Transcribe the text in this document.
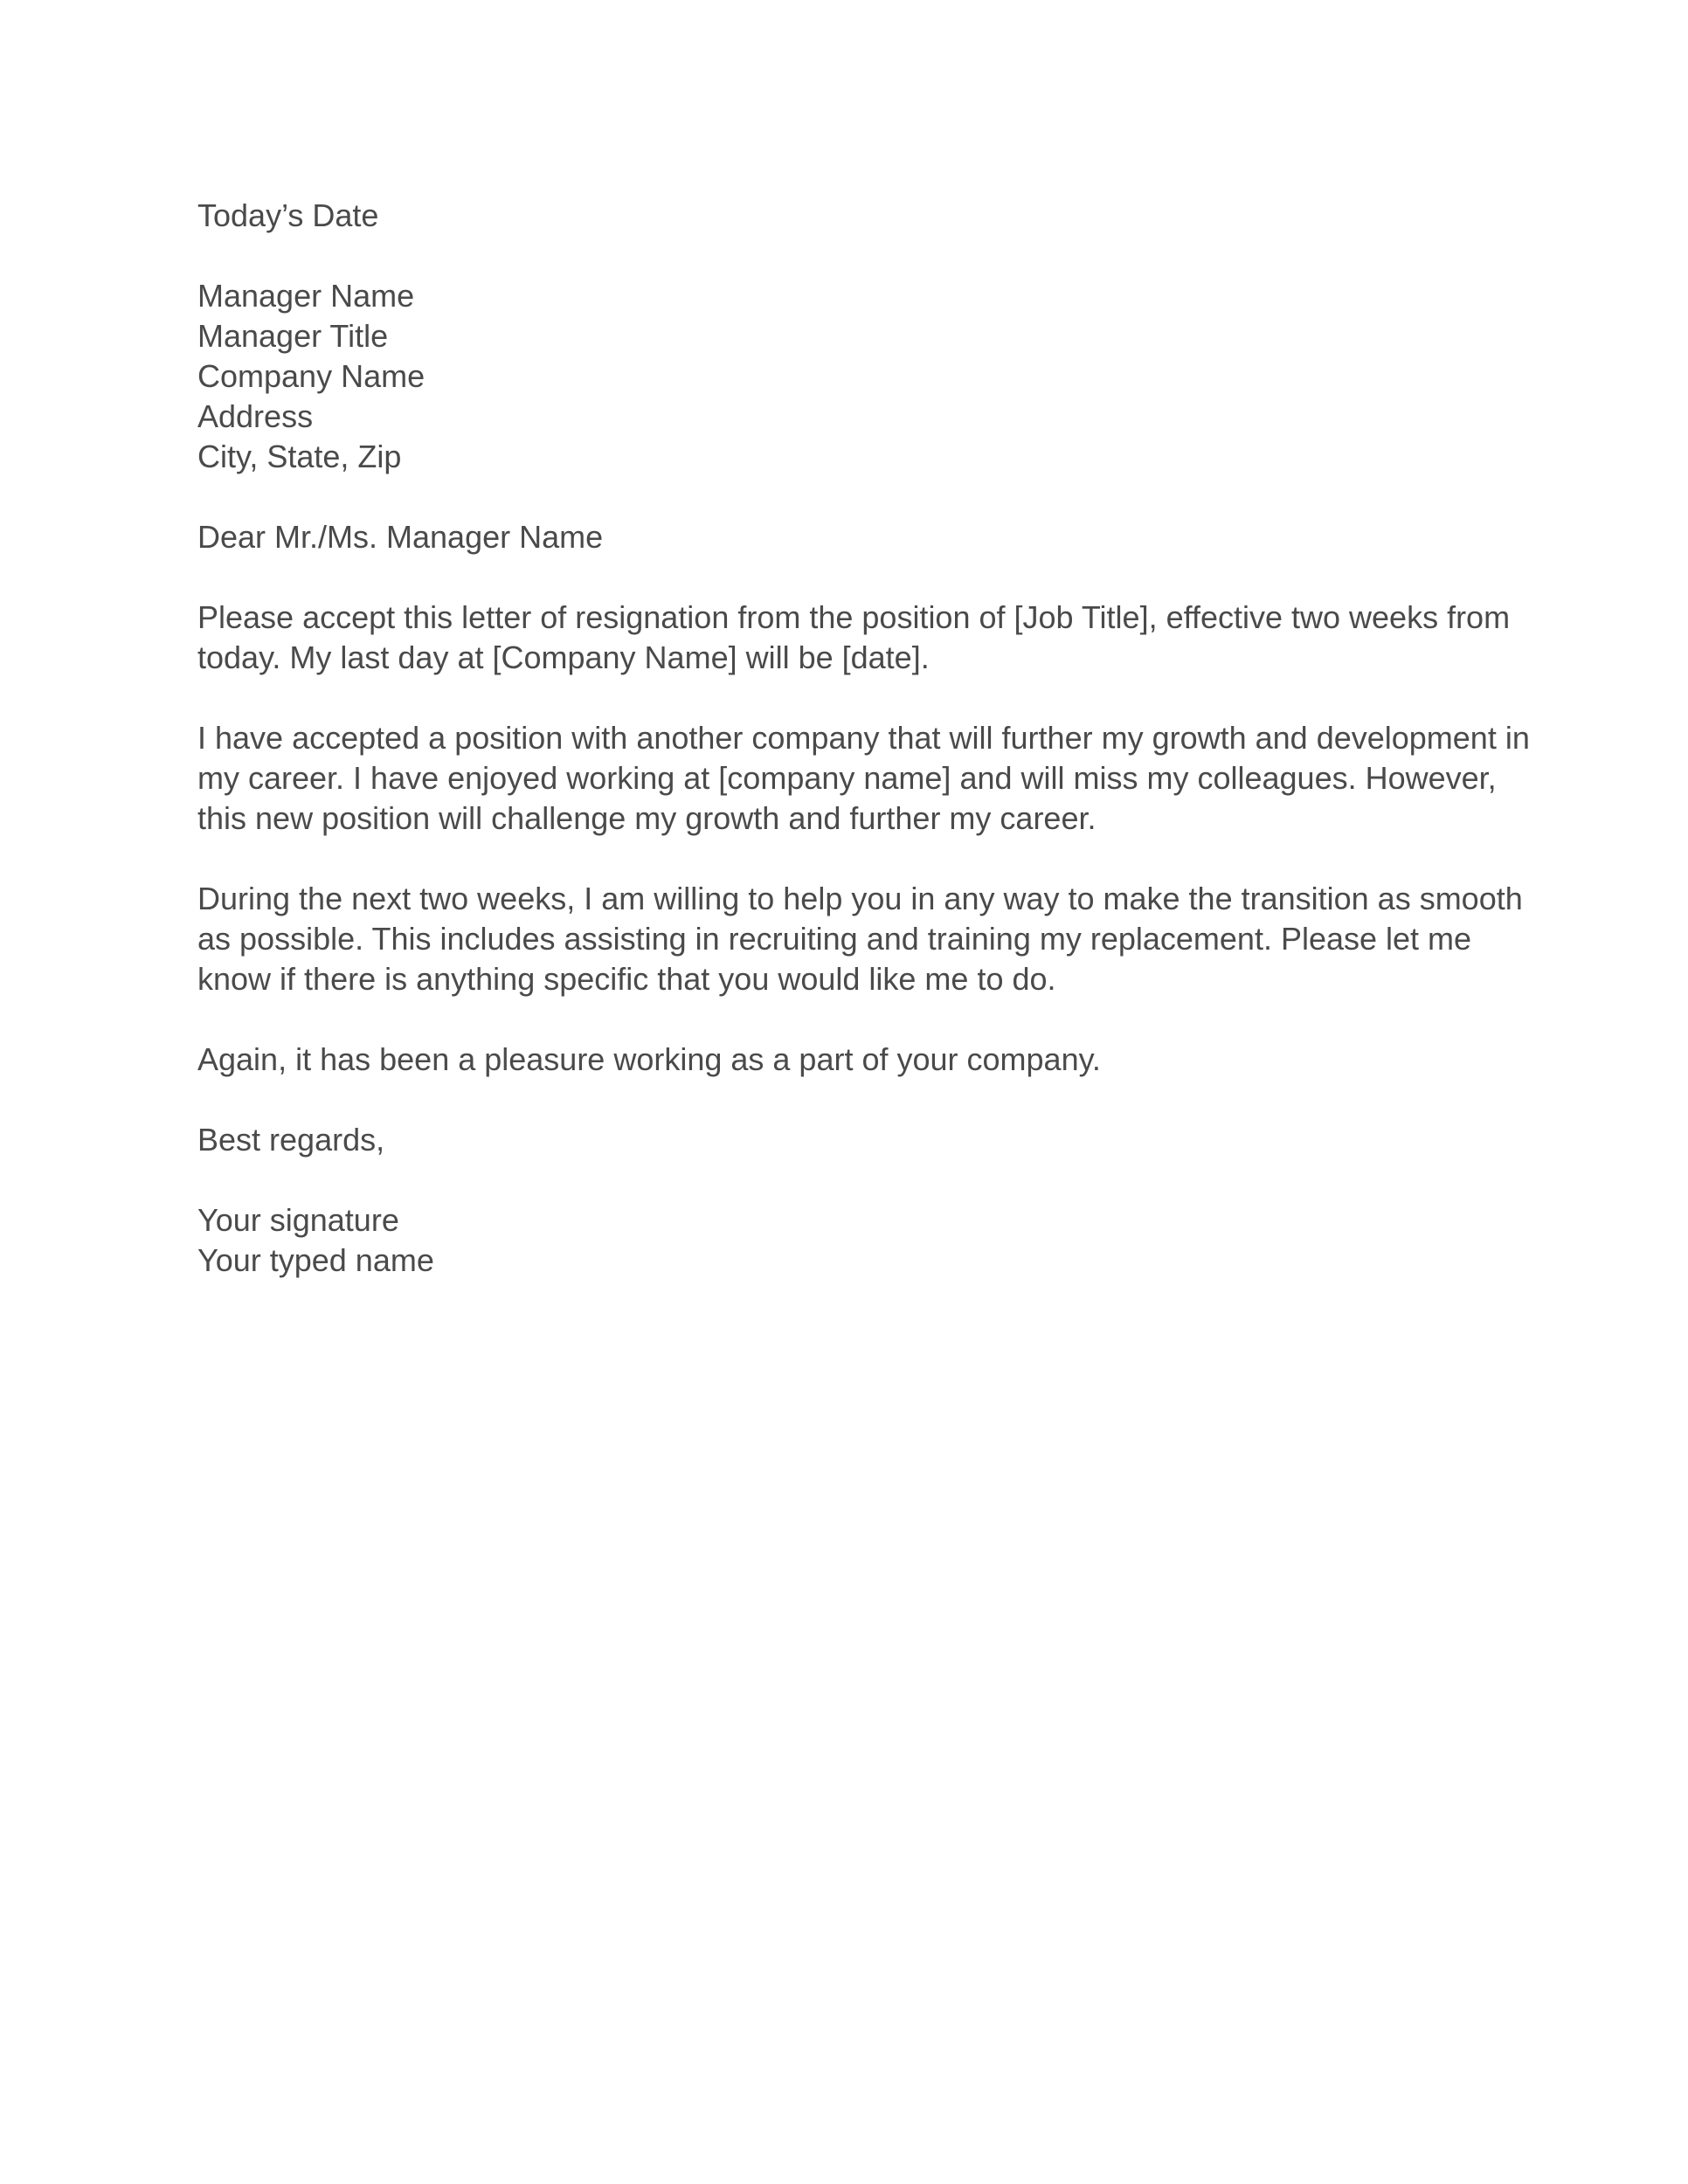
Today’s Date
Manager Name
Manager Title
Company Name
Address
City, State, Zip
Dear Mr./Ms. Manager Name
Please accept this letter of resignation from the position of [Job Title], effective two weeks from
today. My last day at [Company Name] will be [date].
I have accepted a position with another company that will further my growth and development in
my career. I have enjoyed working at [company name] and will miss my colleagues. However,
this new position will challenge my growth and further my career.
During the next two weeks, I am willing to help you in any way to make the transition as smooth
as possible. This includes assisting in recruiting and training my replacement. Please let me
know if there is anything specific that you would like me to do.
Again, it has been a pleasure working as a part of your company.
Best regards,
Your signature
Your typed name
